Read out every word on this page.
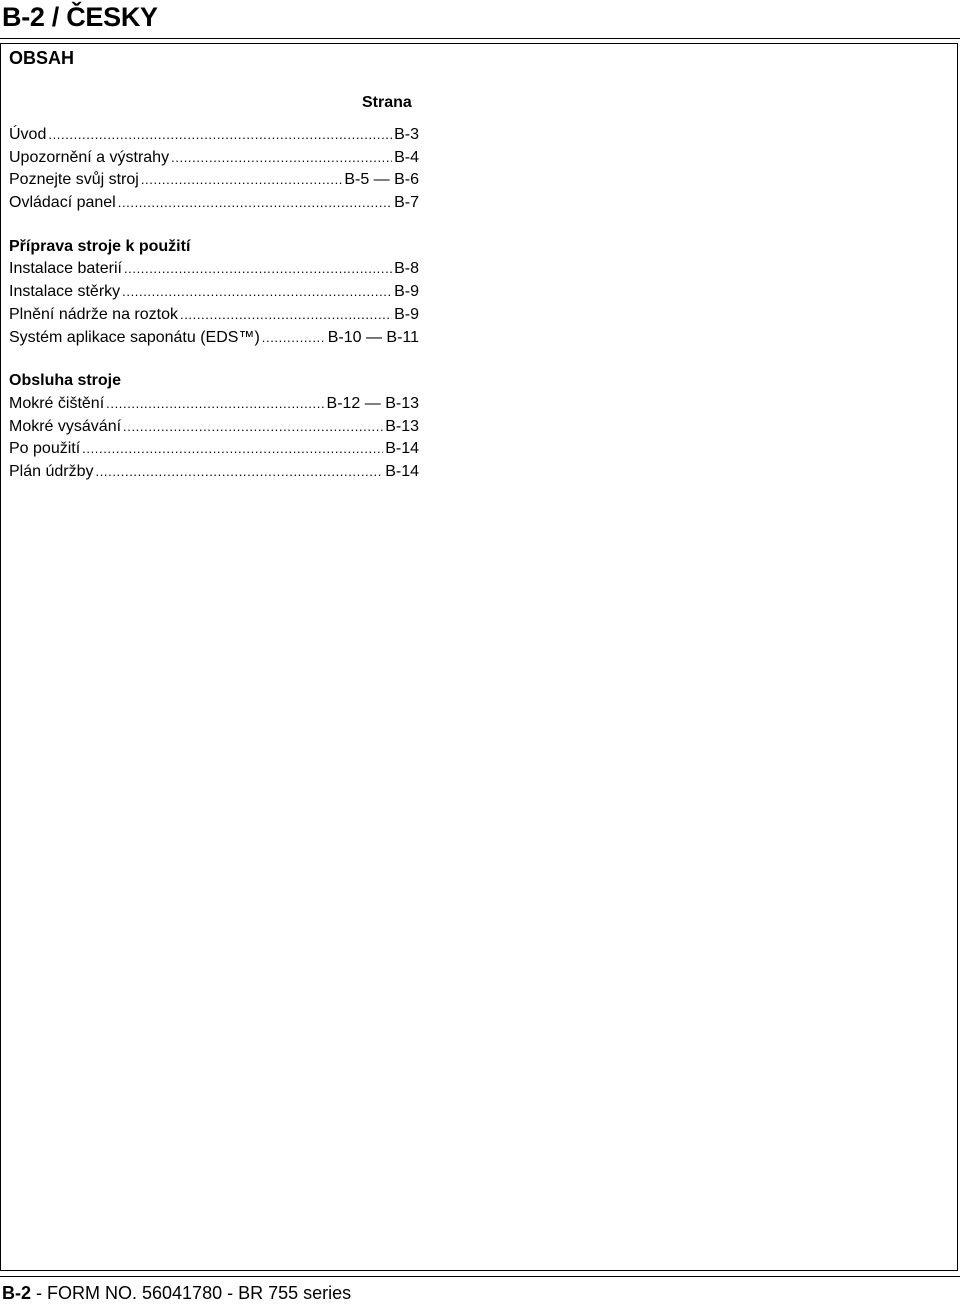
B-2 / ČESKY
OBSAH
Strana
Úvod .....	B-3
Upozornění a výstrahy .....	B-4
Poznejte svůj stroj .....	B-5 — B-6
Ovládací panel .....	B-7
Příprava stroje k použití
Instalace baterií .....	B-8
Instalace stěrky .....	B-9
Plnění nádrže na roztok .....	B-9
Systém aplikace saponátu (EDS™) .....	B-10 — B-11
Obsluha stroje
Mokré čištění .....	B-12 — B-13
Mokré vysávání .....	B-13
Po použití .....	B-14
Plán údržby .....	B-14
B-2 - FORM NO. 56041780 - BR 755 series
